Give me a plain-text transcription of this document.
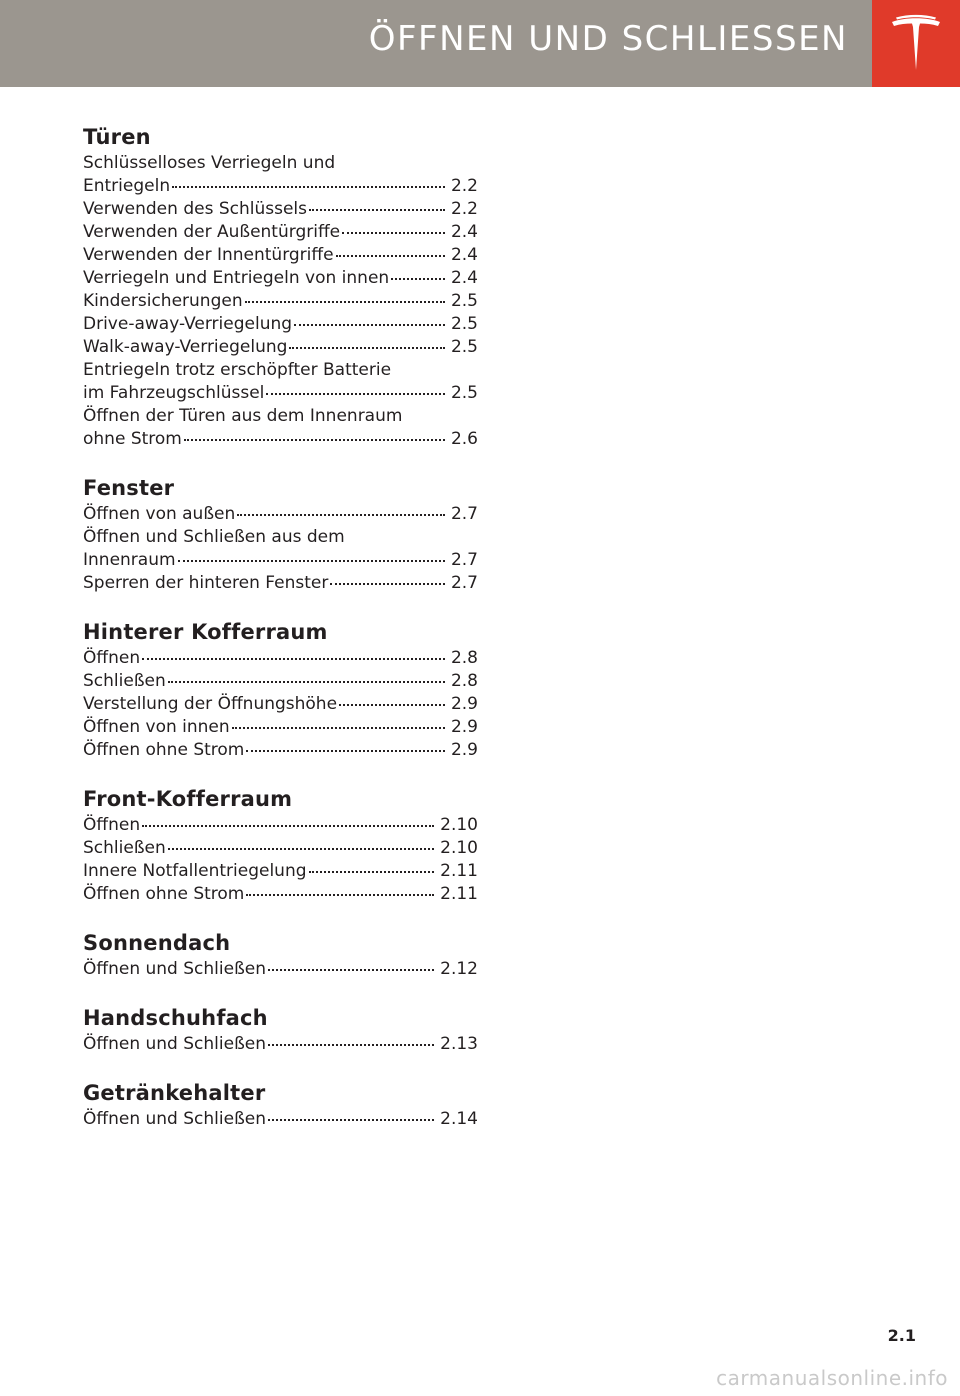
ÖFFNEN UND SCHLIESSEN
Türen
Schlüsselloses Verriegeln und
Entriegeln	2.2
Verwenden des Schlüssels	2.2
Verwenden der Außentürgriffe	2.4
Verwenden der Innentürgriffe	2.4
Verriegeln und Entriegeln von innen	2.4
Kindersicherungen	2.5
Drive-away-Verriegelung	2.5
Walk-away-Verriegelung	2.5
Entriegeln trotz erschöpfter Batterie
im Fahrzeugschlüssel	2.5
Öffnen der Türen aus dem Innenraum
ohne Strom	2.6
Fenster
Öffnen von außen	2.7
Öffnen und Schließen aus dem
Innenraum	2.7
Sperren der hinteren Fenster	2.7
Hinterer Kofferraum
Öffnen	2.8
Schließen	2.8
Verstellung der Öffnungshöhe	2.9
Öffnen von innen	2.9
Öffnen ohne Strom	2.9
Front-Kofferraum
Öffnen	2.10
Schließen	2.10
Innere Notfallentriegelung	2.11
Öffnen ohne Strom	2.11
Sonnendach
Öffnen und Schließen	2.12
Handschuhfach
Öffnen und Schließen	2.13
Getränkehalter
Öffnen und Schließen	2.14
2.1
carmanualsonline.info
